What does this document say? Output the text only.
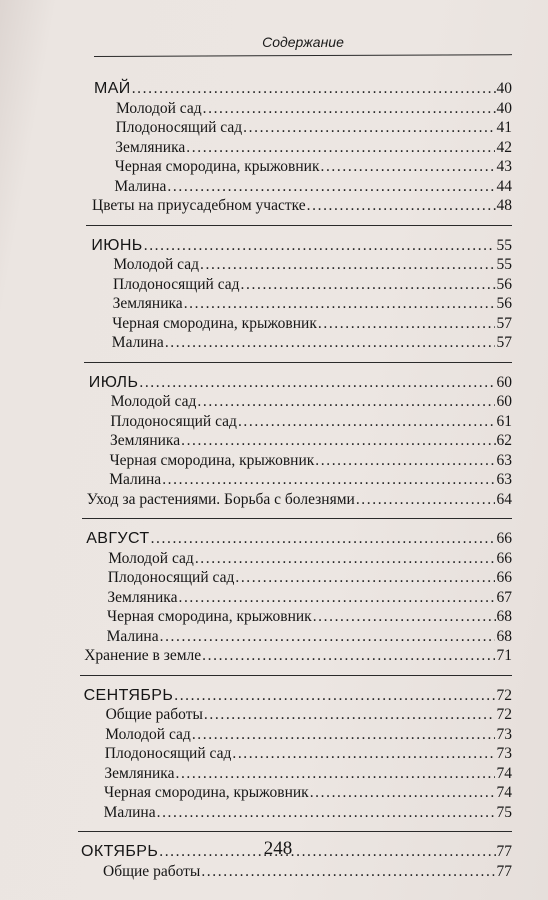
Содержание
МАЙ .....	40
Молодой сад .....	40
Плодоносящий сад .....	41
Земляника .....	42
Черная смородина, крыжовник .....	43
Малина .....	44
Цветы на приусадебном участке .....	48
ИЮНЬ .....	55
Молодой сад .....	55
Плодоносящий сад .....	56
Земляника .....	56
Черная смородина, крыжовник .....	57
Малина .....	57
ИЮЛЬ .....	60
Молодой сад .....	60
Плодоносящий сад .....	61
Земляника .....	62
Черная смородина, крыжовник .....	63
Малина .....	63
Уход за растениями. Борьба с болезнями .....	64
АВГУСТ .....	66
Молодой сад .....	66
Плодоносящий сад .....	66
Земляника .....	67
Черная смородина, крыжовник .....	68
Малина .....	68
Хранение в земле .....	71
СЕНТЯБРЬ .....	72
Общие работы .....	72
Молодой сад .....	73
Плодоносящий сад .....	73
Земляника .....	74
Черная смородина, крыжовник .....	74
Малина .....	75
ОКТЯБРЬ .....	77
Общие работы .....	77
248
